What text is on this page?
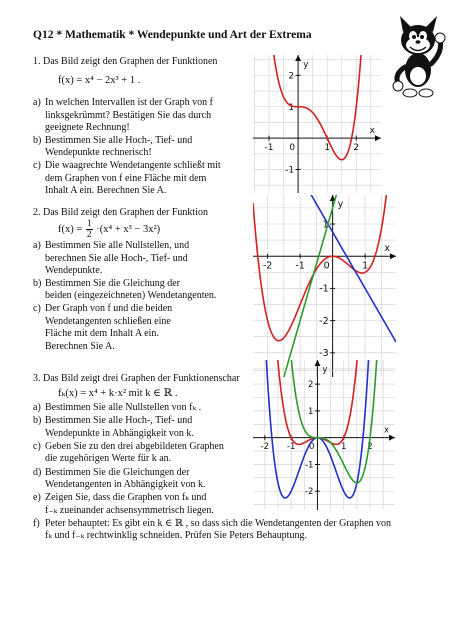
Q12 * Mathematik * Wendepunkte und Art der Extrema
1. Das Bild zeigt den Graphen der Funktionen
f(x) = x⁴ − 2x³ + 1 .
a) In welchen Intervallen ist der Graph von f
linksgekrümmt? Bestätigen Sie das durch
geeignete Rechnung!
b) Bestimmen Sie alle Hoch-, Tief- und
Wendepunkte rechnerisch!
c) Die waagrechte Wendetangente schließt mit
dem Graphen von f eine Fläche mit dem
Inhalt A ein. Berechnen Sie A.
x
y
-1 0	1	2
2
1
-1
2. Das Bild zeigt den Graphen der Funktion
$f(x) = \frac{1}{2} \cdot(x^4 + x^3 - 3x^2)$
a) Bestimmen Sie alle Nullstellen, und
berechnen Sie alle Hoch-, Tief- und
Wendepunkte.
b) Bestimmen Sie die Gleichung der
beiden (eingezeichneten) Wendetangenten.
c) Der Graph von f und die beiden
Wendetangenten schließen eine
Fläche mit dem Inhalt A ein.
Berechnen Sie A.
x
y
-2 -1 0	1
1
-1
-2
-3
3. Das Bild zeigt drei Graphen der Funktionenschar
fₖ(x) = x⁴ + k·x² mit k ∈ ℝ .
a) Bestimmen Sie alle Nullstellen von fₖ .
b) Bestimmen Sie alle Hoch-, Tief- und
Wendepunkte in Abhängigkeit von k.
c) Geben Sie zu den drei abgebildeten Graphen
die zugehörigen Werte für k an.
d) Bestimmen Sie die Gleichungen der
Wendetangenten in Abhängigkeit von k.
e) Zeigen Sie, dass die Graphen von fₖ und
f₋ₖ zueinander achsensymmetrisch liegen.
f) Peter behauptet: Es gibt ein k ∈ ℝ , so dass sich die Wendetangenten der Graphen von
fₖ und f₋ₖ rechtwinklig schneiden. Prüfen Sie Peters Behauptung.
x
y
-2 -1 0	1 2
2
1
-1
-2
